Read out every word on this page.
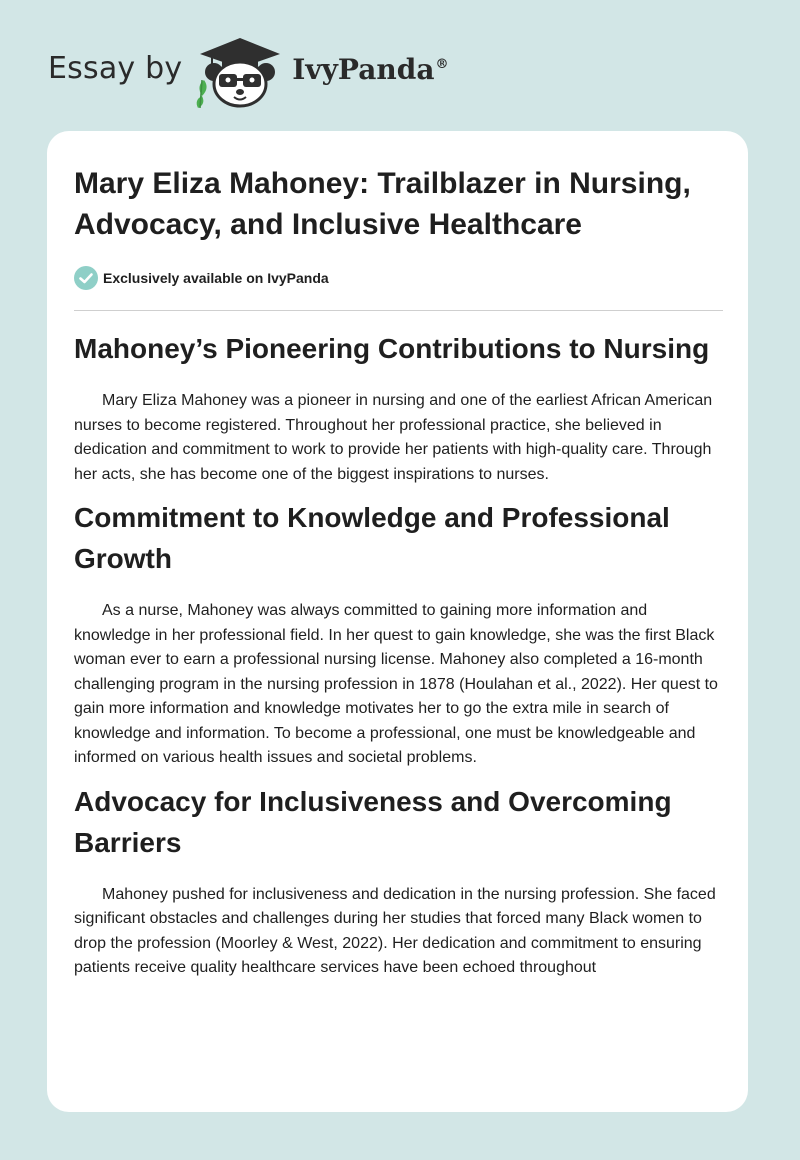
Essay by	IvyPanda®
Mary Eliza Mahoney: Trailblazer in Nursing, Advocacy, and Inclusive Healthcare
Exclusively available on IvyPanda
Mahoney’s Pioneering Contributions to Nursing

Mary Eliza Mahoney was a pioneer in nursing and one of the earliest African American nurses to become registered. Throughout her professional practice, she believed in dedication and commitment to work to provide her patients with high-quality care. Through her acts, she has become one of the biggest inspirations to nurses.

Commitment to Knowledge and Professional Growth

As a nurse, Mahoney was always committed to gaining more information and knowledge in her professional field. In her quest to gain knowledge, she was the first Black woman ever to earn a professional nursing license. Mahoney also completed a 16-month challenging program in the nursing profession in 1878 (Houlahan et al., 2022). Her quest to gain more information and knowledge motivates her to go the extra mile in search of knowledge and information. To become a professional, one must be knowledgeable and informed on various health issues and societal problems.

Advocacy for Inclusiveness and Overcoming Barriers

Mahoney pushed for inclusiveness and dedication in the nursing profession. She faced significant obstacles and challenges during her studies that forced many Black women to drop the profession (Moorley & West, 2022). Her dedication and commitment to ensuring patients receive quality healthcare services have been echoed throughout
